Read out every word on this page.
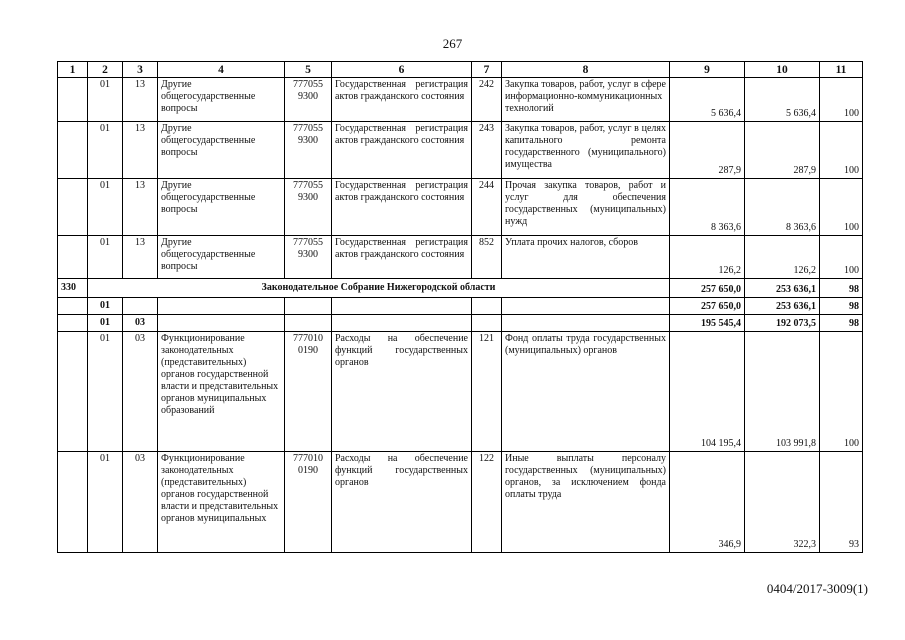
267
1	2	3	4	5	6	7	8	9	10	11
	01	13	Другие общегосударственные вопросы	777055 9300	Государственная регистрация актов гражданского состояния	242	Закупка товаров, работ, услуг в сфере информационно-коммуникационных технологий	5 636,4	5 636,4	100
	01	13	Другие общегосударственные вопросы	777055 9300	Государственная регистрация актов гражданского состояния	243	Закупка товаров, работ, услуг в целях капитального ремонта государственного (муниципального) имущества	287,9	287,9	100
	01	13	Другие общегосударственные вопросы	777055 9300	Государственная регистрация актов гражданского состояния	244	Прочая закупка товаров, работ и услуг для обеспечения государственных (муниципальных) нужд	8 363,6	8 363,6	100
	01	13	Другие общегосударственные вопросы	777055 9300	Государственная регистрация актов гражданского состояния	852	Уплата прочих налогов, сборов	126,2	126,2	100
330	Законодательное Собрание Нижегородской области							257 650,0	253 636,1	98
	01							257 650,0	253 636,1	98
	01	03						195 545,4	192 073,5	98
	01	03	Функционирование законодательных (представительных) органов государственной власти и представительных органов муниципальных образований	777010 0190	Расходы на обеспечение функций государственных органов	121	Фонд оплаты труда государственных (муниципальных) органов	104 195,4	103 991,8	100
	01	03	Функционирование законодательных (представительных) органов государственной власти и представительных органов муниципальных	777010 0190	Расходы на обеспечение функций государственных органов	122	Иные выплаты персоналу государственных (муниципальных) органов, за исключением фонда оплаты труда	346,9	322,3	93
0404/2017-3009(1)
